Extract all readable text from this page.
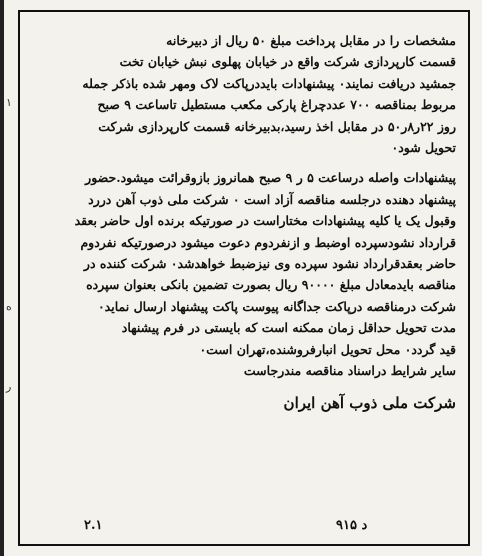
۱
ه
ر

مشخصات را در مقابل پرداخت مبلغ ۵۰ ریال از دبیرخانه

قسمت کارپردازی شرکت واقع در خیابان پهلوی نبش خیابان تخت

جمشید دریافت نمایند۰ پیشنهادات بایددرپاکت لاک ومهر شده باذکر جمله

مربوط بمناقصه ۷۰۰ عددچراغ پارکی مکعب مستطیل تاساعت ۹ صبح

روز ۲۲ر۸ر۵۰ در مقابل اخذ رسید،بدبیرخانه قسمت کارپردازی شرکت

تحویل شود۰

پیشنهادات واصله درساعت ۵ ر ۹ صبح همانروز بازوقرائت میشود.حضور

پیشنهاد دهنده درجلسه مناقصه آزاد است ۰ شرکت ملی ذوب آهن دررد

وقبول یک یا کلیه پیشنهادات مختاراست در صورتیکه برنده اول حاضر بعقد

قرارداد نشودسپرده اوضبط و ازنفردوم دعوت میشود درصورتیکه نفردوم

حاضر بعقدقرارداد نشود سپرده وی نیزضبط خواهدشد۰ شرکت کننده در

مناقصه بایدمعادل مبلغ ۹۰۰۰۰ ریال بصورت تضمین بانکی بعنوان سپرده

شرکت درمناقصه درپاکت جداگانه پیوست پاکت پیشنهاد ارسال نماید۰

مدت تحویل حداقل زمان ممکنه است که بایستی در فرم پیشنهاد

قید گردد۰ محل تحویل انبارفروشنده،تهران است۰

سایر شرایط دراسناد مناقصه مندرجاست

شرکت ملی ذوب آهن ایران
۲.۱	د ۹۱۵
